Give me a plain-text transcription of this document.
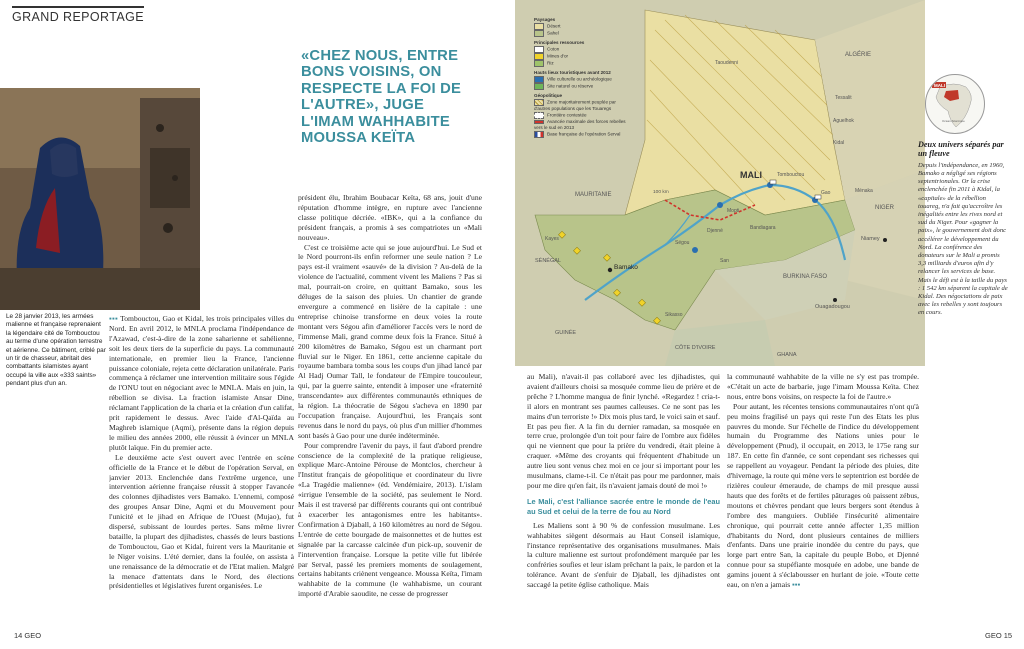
GRAND REPORTAGE
Le 28 janvier 2013, les armées malienne et française reprenaient la légendaire cité de Tombouctou au terme d'une opération terrestre et aérienne. Ce bâtiment, criblé par un tir de chasseur, abritait des combattants islamistes ayant occupé la ville aux «333 saints» pendant plus d'un an.

▪▪▪ Tombouctou, Gao et Kidal, les trois principales villes du Nord. En avril 2012, le MNLA proclama l'indépendance de l'Azawad, c'est-à-dire de la zone saharienne et sahélienne, soit les deux tiers de la superficie du pays. La communauté internationale, en premier lieu la France, l'ancienne puissance coloniale, rejeta cette déclaration unilatérale. Paris commença à réclamer une intervention militaire sous l'égide de l'ONU tout en négociant avec le MNLA. Mais en juin, la rébellion se divisa. La fraction islamiste Ansar Dine, réclamant l'application de la charia et la création d'un califat, prit rapidement le dessus. Avec l'aide d'Al-Qaïda au Maghreb islamique (Aqmi), présente dans la région depuis le milieu des années 2000, elle réussit à évincer un MNLA plutôt laïque. Fin du premier acte.

Le deuxième acte s'est ouvert avec l'entrée en scène officielle de la France et le début de l'opération Serval, en janvier 2013. Enclenchée dans l'extrême urgence, une intervention aérienne française réussit à stopper l'avancée des colonnes djihadistes vers Bamako. L'ennemi, composé des groupes Ansar Dine, Aqmi et du Mouvement pour l'unicité et le jihad en Afrique de l'Ouest (Mujao), fut dispersé, subissant de lourdes pertes. Sans même livrer bataille, la plupart des djihadistes, chassés de leurs bastions de Tombouctou, Gao et Kidal, fuirent vers la Mauritanie et le Niger voisins. L'été dernier, dans la foulée, on assista à une renaissance de la démocratie et de l'Etat malien. Malgré la menace d'attentats dans le Nord, des élections présidentielles et législatives furent organisées. Le

«CHEZ NOUS, ENTRE BONS VOISINS, ON RESPECTE LA FOI DE L'AUTRE», JUGE L'IMAM WAHHABITE MOUSSA KEÏTA

président élu, Ibrahim Boubacar Keïta, 68 ans, jouit d'une réputation d'homme intègre, en rupture avec l'ancienne classe politique décriée. «IBK», qui a la confiance du président français, a promis à ses compatriotes un «Mali nouveau».

C'est ce troisième acte qui se joue aujourd'hui. Le Sud et le Nord pourront-ils enfin reformer une seule nation ? Le pays est-il vraiment «sauvé» de la division ? Au-delà de la violence de l'actualité, comment vivent les Maliens ? Pas si mal, pourrait-on croire, en quittant Bamako, sous les déluges de la saison des pluies. Un chantier de grande envergure a commencé en lisière de la capitale : une entreprise chinoise transforme en deux voies la route montant vers Ségou afin d'améliorer l'accès vers le nord de l'immense Mali, grand comme deux fois la France. Situé à 200 kilomètres de Bamako, Ségou est un charmant port fluvial sur le Niger. En 1861, cette ancienne capitale du royaume bambara tomba sous les coups d'un jihad lancé par Al Hadj Oumar Tall, le fondateur de l'Empire toucouleur, qui, par la guerre sainte, entendit à imposer une «fraternité transcendante» aux différentes communautés ethniques de la région. La théocratie de Ségou s'acheva en 1890 par l'occupation française. Aujourd'hui, les Français sont revenus dans le nord du pays, où plus d'un millier d'hommes sont basés à Gao pour une durée indéterminée.

Pour comprendre l'avenir du pays, il faut d'abord prendre conscience de la complexité de la pratique religieuse, explique Marc-Antoine Pérouse de Montclos, chercheur à l'Institut français de géopolitique et coordinateur du livre «La Tragédie malienne» (éd. Vendémiaire, 2013). L'islam «irrigue l'ensemble de la société, pas seulement le Nord. Mais il est traversé par différents courants qui ont contribué à exacerber les antagonismes entre les habitants». Confirmation à Djaball, à 160 kilomètres au nord de Ségou. L'entrée de cette bourgade de maisonnettes et de huttes est signalée par la carcasse calcinée d'un pick-up, souvenir de l'intervention française. Lorsque la petite ville fut libérée par Serval, passé les premiers moments de soulagement, certains habitants criènent vengeance. Moussa Keïta, l'imam wahhabite de la commune (le wahhabisme, un courant importé d'Arabie saoudite, ne cesse de progresser

14 GEO
MALI
ALGÉRIE
MAURITANIE
NIGER
BURKINA FASO
SÉNÉGAL
GUINÉE
CÔTE D'IVOIRE
GHANA
Bamako
Niamey
Ouagadougou
Tombouctou
Gao
Kidal
Mopti
Ségou
Sikasso
Kayes
Taoudenni
Tessalit
Aguelhok
Ménaka
Djenné
San
Bandiagara
100 km
Paysages
Désert
Sahel
Principales ressources
Coton
Mines d'or
Riz
Hauts lieux touristiques avant 2012
Ville culturelle ou archéologique
Site naturel ou réserve
Géopolitique
Zone majoritairement peuplée par d'autres populations que les Touaregs
Frontière contestée
Avancée maximale des forces rebelles vers le sud en 2013
Base française de l'opération Serval
MALI
Océan Atlantique
Deux univers séparés par un fleuve
Depuis l'indépendance, en 1960, Bamako a négligé ses régions septentrionales. Or la crise enclenchée fin 2011 à Kidal, la «capitale» de la rébellion touareg, n'a fait qu'accroître les inégalités entre les rives nord et sud du Niger. Pour «gagner la paix», le gouvernement doit donc accélérer le développement du Nord. La conférence des donateurs sur le Mali a promis 3,3 milliards d'euros afin d'y relancer les services de base. Mais le défi est à la taille du pays : 1 542 km séparent la capitale de Kidal. Des négociations de paix avec les rebelles y sont toujours en cours.

au Mali), n'avait-il pas collaboré avec les djihadistes, qui avaient d'ailleurs choisi sa mosquée comme lieu de prière et de prêche ? L'homme mangua de finir lynché. «Regardez ! cria-t-il alors en montrant ses paumes calleuses. Ce ne sont pas les mains d'un terroriste !» Dix mois plus tard, le voici sain et sauf. Et pas peu fier. A la fin du dernier ramadan, sa mosquée en terre crue, prolongée d'un toit pour faire de l'ombre aux fidèles qui ne viennent que pour la prière du vendredi, était pleine à craquer. «Même des croyants qui fréquentent d'habitude un autre lieu sont venus chez moi en ce jour si important pour les musulmans, clame-t-il. Ce n'était pas pour me pardonner, mais pour me dire qu'en fait, ils n'avaient jamais douté de moi !»

Le Mali, c'est l'alliance sacrée entre le monde de l'eau au Sud et celui de la terre de fou au Nord

Les Maliens sont à 90 % de confession musulmane. Les wahhabites siègent désormais au Haut Conseil islamique, l'instance représentative des organisations musulmanes. Mais la culture malienne est surtout profondément marquée par les confréries soufies et leur islam prêchant la paix, le pardon et la tolérance. Avant de s'enfuir de Djaball, les djihadistes ont saccagé la petite église catholique. Mais

la communauté wahhabite de la ville ne s'y est pas trompée. «C'était un acte de barbarie, juge l'imam Moussa Keïta. Chez nous, entre bons voisins, on respecte la foi de l'autre.»

Pour autant, les récentes tensions communautaires n'ont qu'à peu moins fragilisé un pays qui reste l'un des Etats les plus pauvres du monde. Sur l'échelle de l'indice du développement humain du Programme des Nations unies pour le développement (Pnud), il occupait, en 2013, le 175e rang sur 187. En cette fin d'année, ce sont cependant ses richesses qui se rappellent au voyageur. Pendant la période des pluies, dite d'hivernage, la route qui mène vers le septentrion est bordée de rizières couleur émeraude, de champs de mil presque aussi hauts que des forêts et de fertiles pâturages où paissent zébus, moutons et chèvres pendant que leurs bergers sont étendus à l'ombre des manguiers. Oubliée l'insécurité alimentaire chronique, qui pourrait cette année affecter 1,35 million d'habitants du Nord, dont plusieurs centaines de milliers d'enfants. Dans une prairie inondée du centre du pays, que lorge part entre San, la capitale du peuple Bobo, et Djenné connue pour sa stupéfiante mosquée en adobe, une bande de gamins jouent à s'éclabousser en hurlant de joie. «Toute cette eau, on n'en a jamais ▪▪▪

GEO 15
